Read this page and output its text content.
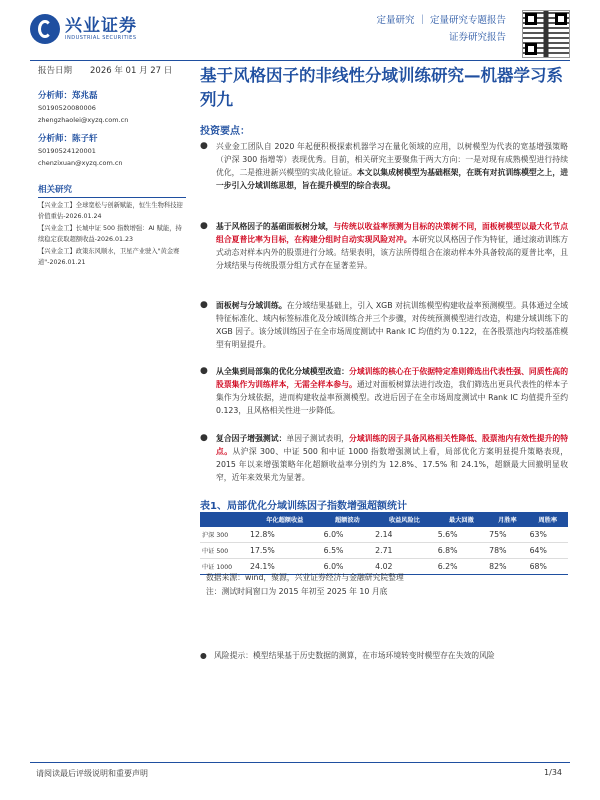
兴业证券
INDUSTRIAL SECURITIES
定量研究 ｜ 定量研究专题报告
证券研究报告
报告日期 2026 年 01 月 27 日
分析师：郑兆磊
S0190520080006
zhengzhaolei@xyzq.com.cn
分析师：陈子轩
S0190524120001
chenzixuan@xyzq.com.cn
相关研究
【兴业金工】全球宽松与创新赋能，恒生生物科技迎价值重估-2026.01.24
【兴业金工】长城中证 500 指数增强：AI 赋能，持续稳定获取超额收益-2026.01.23
【兴业金工】政策东风顺水，卫星产业驶入"黄金赛道"-2026.01.21
基于风格因子的非线性分域训练研究—机器学习系列九
投资要点：
● 兴业金工团队自 2020 年起便积极探索机器学习在量化领域的应用，以树模型为代表的宽基增强策略（沪深 300 指增等）表现优秀。目前，相关研究主要聚焦于两大方向：一是对现有成熟模型进行持续优化，二是推进新兴模型的实战化验证。本文以集成树模型为基础框架，在既有对抗训练模型之上，进一步引入分域训练思想，旨在提升模型的综合表现。
● 基于风格因子的基础面板树分域，与传统以收益率预测为目标的决策树不同，面板树模型以最大化节点组合夏普比率为目标，在构建分组时自动实现风险对冲。本研究以风格因子作为特征，通过滚动训练方式动态对样本内外的股票进行分域。结果表明，该方法所得组合在滚动样本外具备较高的夏普比率，且分域结果与传统股票分组方式存在显著差异。
● 面板树与分域训练。在分域结果基础上，引入 XGB 对抗训练模型构建收益率预测模型。具体通过全域特征标准化、域内标签标准化及分域训练合并三个步骤，对传统预测模型进行改造，构建分域训练下的 XGB 因子。该分域训练因子在全市场周度测试中 Rank IC 均值约为 0.122，在各股票池内均较基准模型有明显提升。
● 从全集到局部集的优化分域模型改造：分域训练的核心在于依据特定准则筛选出代表性强、同质性高的股票集作为训练样本，无需全样本参与。通过对面板树算法进行改造，我们筛选出更具代表性的样本子集作为分域依据，进而构建收益率预测模型。改进后因子在全市场周度测试中 Rank IC 均值提升至约 0.123，且风格相关性进一步降低。
● 复合因子增强测试：单因子测试表明，分域训练的因子具备风格相关性降低、股票池内有效性提升的特点。从沪深 300、中证 500 和中证 1000 指数增强测试上看，局部优化方案明显提升策略表现，2015 年以来增强策略年化超额收益率分别约为 12.8%、17.5% 和 24.1%，超额最大回撤明显收窄，近年来效果尤为显著。
表1、局部优化分域训练因子指数增强超额统计
	年化超额收益	超额波动	收益风险比	最大回撤	月胜率	周胜率
沪深 300	12.8%	6.0%	2.14	5.6%	75%	63%
中证 500	17.5%	6.5%	2.71	6.8%	78%	64%
中证 1000	24.1%	6.0%	4.02	6.2%	82%	68%
数据来源：wind，聚源，兴业证券经济与金融研究院整理
注：测试时间窗口为 2015 年初至 2025 年 10 月底
● 风险提示：模型结果基于历史数据的测算，在市场环境转变时模型存在失效的风险
请阅读最后评级说明和重要声明	1/34
